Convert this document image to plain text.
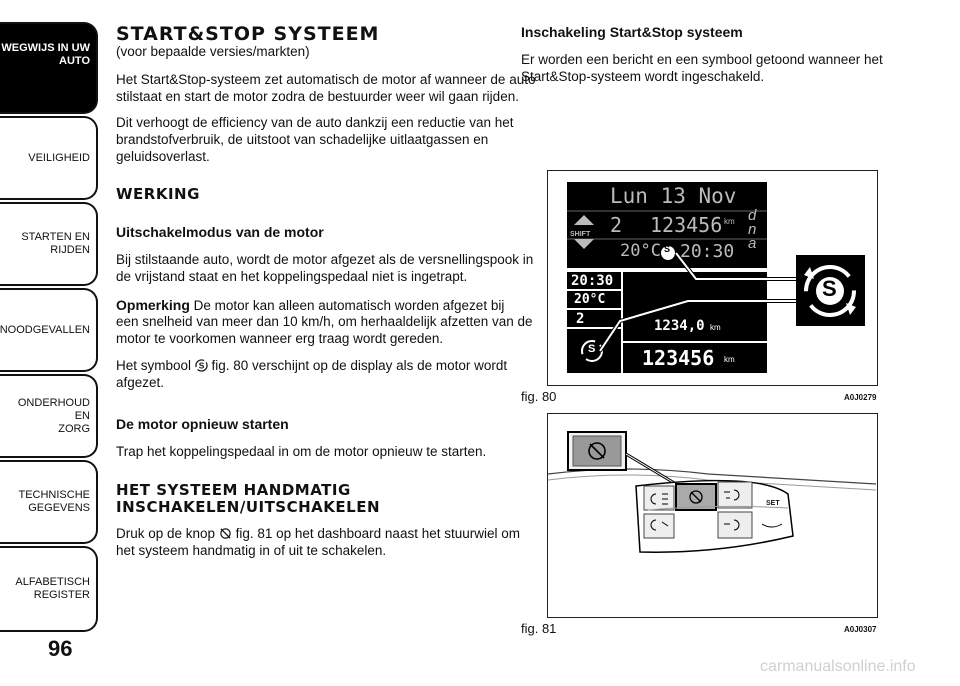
WEGWIJS IN UW
AUTO
VEILIGHEID
STARTEN EN RIJDEN
NOODGEVALLEN
ONDERHOUD EN
ZORG
TECHNISCHE
GEGEVENS
ALFABETISCH
REGISTER
96
START&STOP SYSTEEM
(voor bepaalde versies/markten)
Het Start&Stop-systeem zet automatisch de motor af wanneer de auto
stilstaat en start de motor zodra de bestuurder weer wil gaan rijden.
Dit verhoogt de efficiency van de auto dankzij een reductie van het
brandstofverbruik, de uitstoot van schadelijke uitlaatgassen en
geluidsoverlast.
WERKING
Uitschakelmodus van de motor
Bij stilstaande auto, wordt de motor afgezet als de versnellingspook in
de vrijstand staat en het koppelingspedaal niet is ingetrapt.
Opmerking De motor kan alleen automatisch worden afgezet bij
een snelheid van meer dan 10 km/h, om herhaaldelijk afzetten van de
motor te voorkomen wanneer erg traag wordt gereden.
Het symbool S fig. 80 verschijnt op de display als de motor wordt
afgezet.
De motor opnieuw starten
Trap het koppelingspedaal in om de motor opnieuw te starten.
HET SYSTEEM HANDMATIG
INSCHAKELEN/UITSCHAKELEN
Druk op de knop  fig. 81 op het dashboard naast het stuurwiel om
het systeem handmatig in of uit te schakelen.
Inschakeling Start&Stop systeem
Er worden een bericht en een symbool getoond wanneer het
Start&Stop-systeem wordt ingeschakeld.
Lun 13 Nov
2 123456 km
SHIFT
20°C S 20:30
d
n
a
20:30
20°C
2
S
1234,0 km
123456 km
S
fig. 80	A0J0279
SET
fig. 81	A0J0307
carmanualsonline.info
